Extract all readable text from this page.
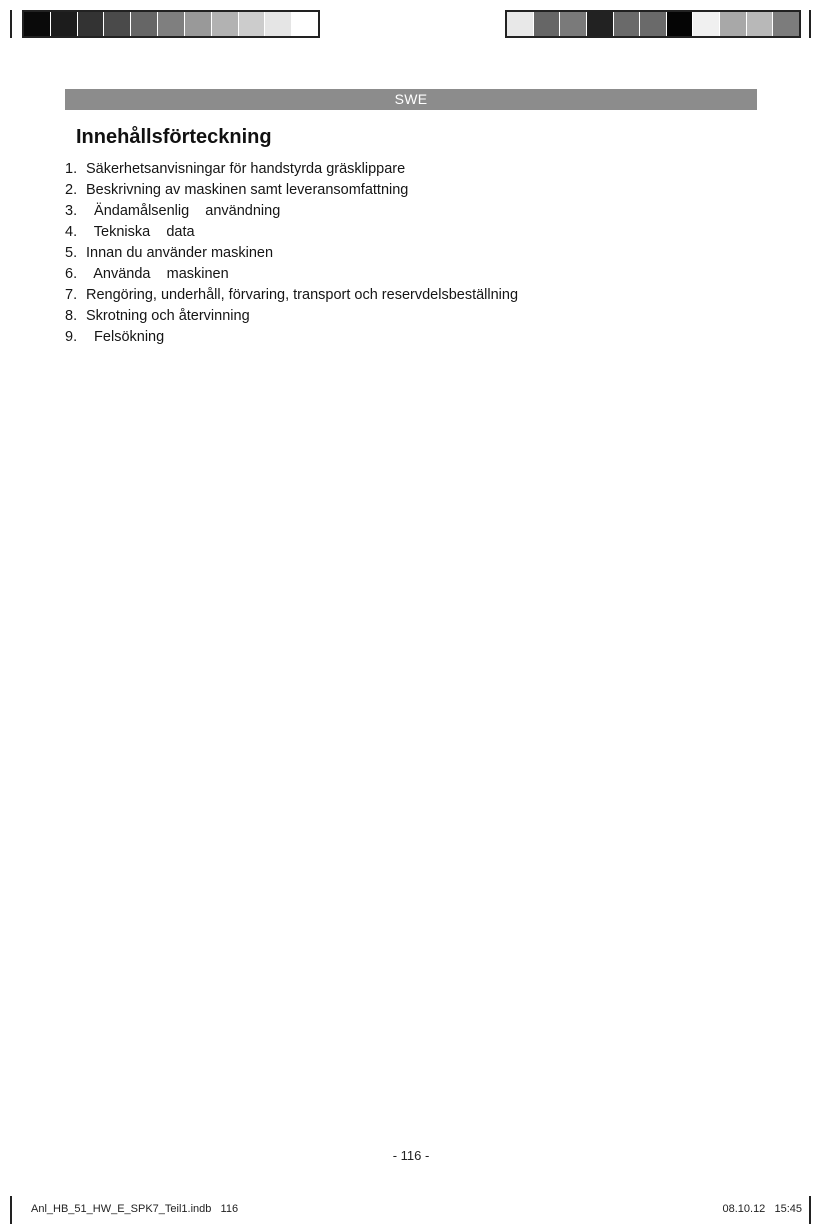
SWE
Innehållsförteckning
1. Säkerhetsanvisningar för handstyrda gräsklippare
2. Beskrivning av maskinen samt leveransomfattning
3. Ändamålsenlig    användning
4. Tekniska    data
5. Innan du använder maskinen
6. Använda    maskinen
7. Rengöring, underhåll, förvaring, transport och reservdelsbeställning
8. Skrotning och återvinning
9. Felsökning
- 116 -
Anl_HB_51_HW_E_SPK7_Teil1.indb   116	08.10.12   15:45
